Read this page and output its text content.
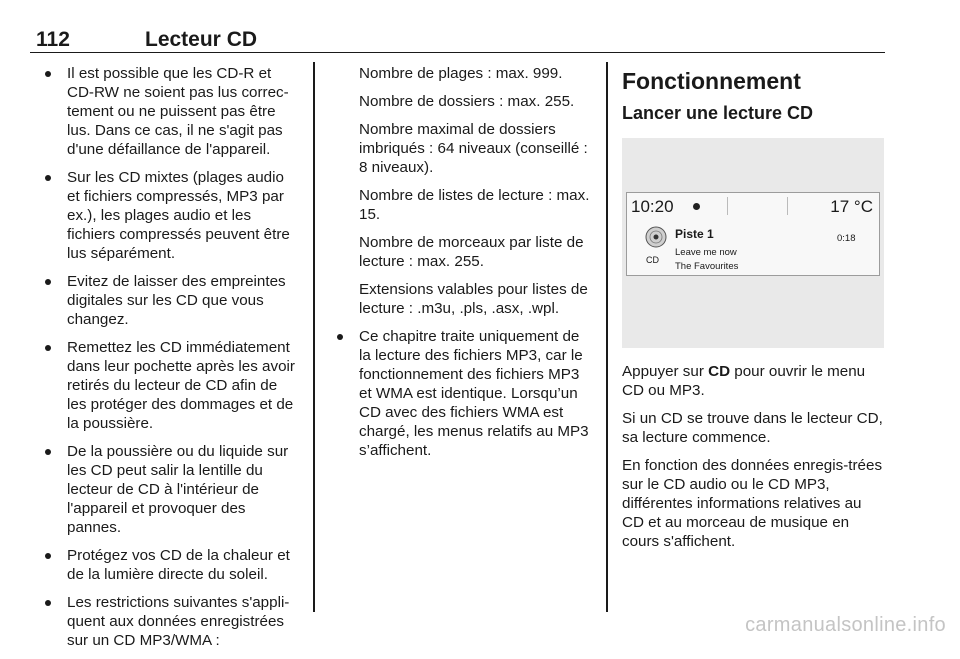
112	Lecteur CD
Il est possible que les CD-R et CD-RW ne soient pas lus correc-tement ou ne puissent pas être lus. Dans ce cas, il ne s'agit pas d'une défaillance de l'appareil.
Sur les CD mixtes (plages audio et fichiers compressés, MP3 par ex.), les plages audio et les fichiers compressés peuvent être lus séparément.
Evitez de laisser des empreintes digitales sur les CD que vous changez.
Remettez les CD immédiatement dans leur pochette après les avoir retirés du lecteur de CD afin de les protéger des dommages et de la poussière.
De la poussière ou du liquide sur les CD peut salir la lentille du lecteur de CD à l'intérieur de l'appareil et provoquer des pannes.
Protégez vos CD de la chaleur et de la lumière directe du soleil.
Les restrictions suivantes s'appli-quent aux données enregistrées sur un CD MP3/WMA :
Nombre de plages : max. 999.
Nombre de dossiers : max. 255.
Nombre maximal de dossiers imbriqués : 64 niveaux (conseillé : 8 niveaux).
Nombre de listes de lecture : max. 15.
Nombre de morceaux par liste de lecture : max. 255.
Extensions valables pour listes de lecture : .m3u, .pls, .asx, .wpl.
Ce chapitre traite uniquement de la lecture des fichiers MP3, car le fonctionnement des fichiers MP3 et WMA est identique. Lorsqu’un CD avec des fichiers WMA est chargé, les menus relatifs au MP3 s’affichent.
Fonctionnement
Lancer une lecture CD
10:20	17 °C
CD
Piste 1
Leave me now
The Favourites
0:18

Appuyer sur CD pour ouvrir le menu CD ou MP3.

Si un CD se trouve dans le lecteur CD, sa lecture commence.

En fonction des données enregis-trées sur le CD audio ou le CD MP3, différentes informations relatives au CD et au morceau de musique en cours s'affichent.

carmanualsonline.info
